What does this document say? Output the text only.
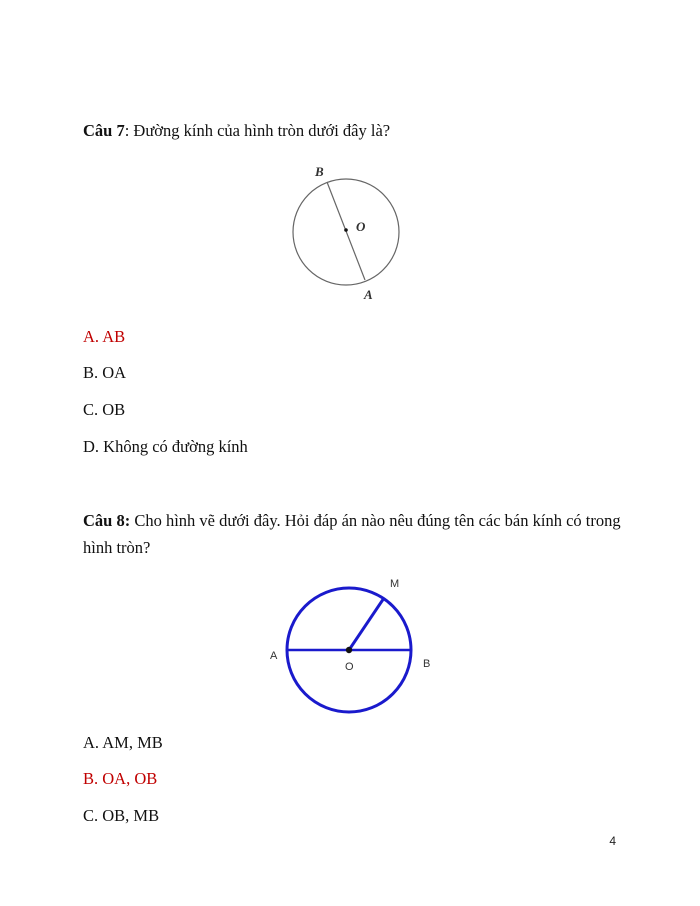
Câu 7: Đường kính của hình tròn dưới đây là?
B
O
A
A. AB
B. OA
C. OB
D. Không có đường kính
Câu 8: Cho hình vẽ dưới đây. Hỏi đáp án nào nêu đúng tên các bán kính có trong hình tròn?
M
A
O	B
A. AM, MB
B. OA, OB
C. OB, MB
4
